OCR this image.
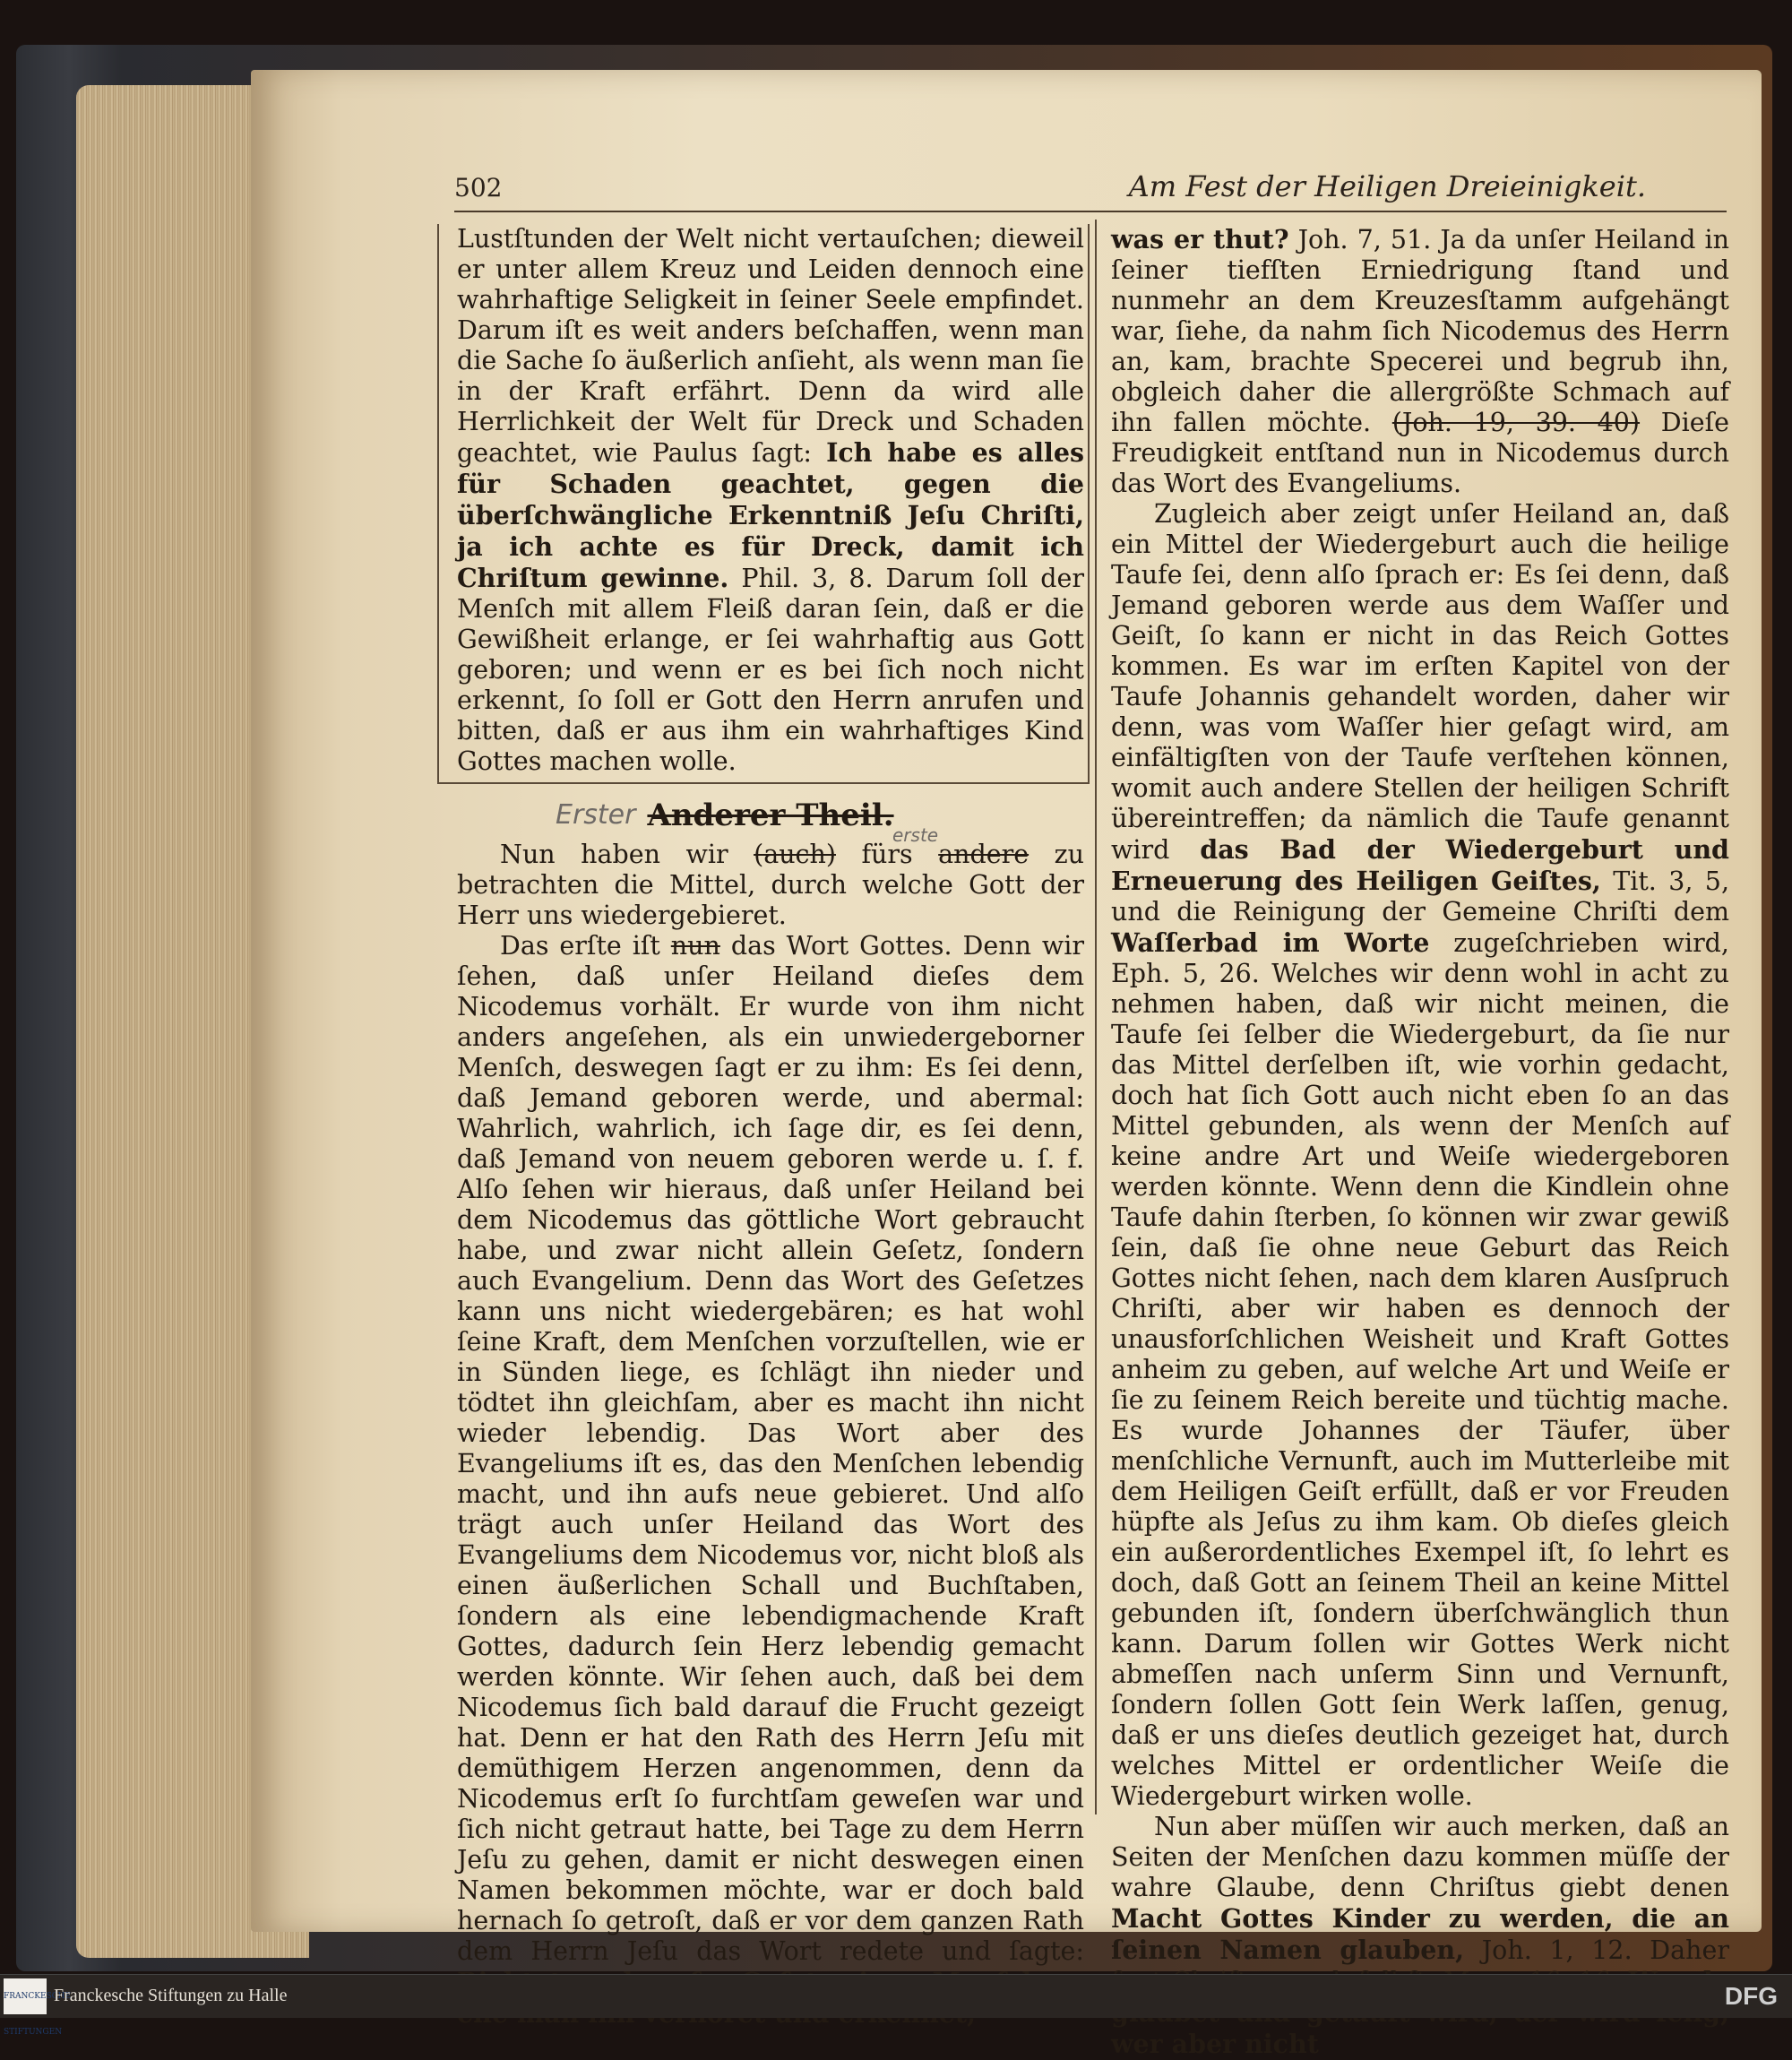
502	Am Fest der Heiligen Dreieinigkeit.

Lustſtunden der Welt nicht vertauſchen; dieweil er unter allem Kreuz und Leiden dennoch eine wahrhaftige Seligkeit in ſeiner Seele empfindet. Darum iſt es weit anders beſchaffen, wenn man die Sache ſo äußerlich anſieht, als wenn man ſie in der Kraft erfährt. Denn da wird alle Herrlichkeit der Welt für Dreck und Schaden geachtet, wie Paulus ſagt: Ich habe es alles für Schaden geachtet, gegen die überſchwängliche Erkenntniß Jeſu Chriſti, ja ich achte es für Dreck, damit ich Chriſtum gewinne. Phil. 3, 8. Darum ſoll der Menſch mit allem Fleiß daran ſein, daß er die Gewißheit erlange, er ſei wahrhaftig aus Gott geboren; und wenn er es bei ſich noch nicht erkennt, ſo ſoll er Gott den Herrn anrufen und bitten, daß er aus ihm ein wahrhaftiges Kind Gottes machen wolle.

Erster Anderer Theil.

erste
Nun haben wir (auch) fürs andere zu betrachten die Mittel, durch welche Gott der Herr uns wiedergebieret.

Das erſte iſt nun das Wort Gottes. Denn wir ſehen, daß unſer Heiland dieſes dem Nicodemus vorhält. Er wurde von ihm nicht anders angeſehen, als ein unwiedergeborner Menſch, deswegen ſagt er zu ihm: Es ſei denn, daß Jemand geboren werde, und abermal: Wahrlich, wahrlich, ich ſage dir, es ſei denn, daß Jemand von neuem geboren werde u. ſ. f. Alſo ſehen wir hieraus, daß unſer Heiland bei dem Nicodemus das göttliche Wort gebraucht habe, und zwar nicht allein Geſetz, ſondern auch Evangelium. Denn das Wort des Geſetzes kann uns nicht wiedergebären; es hat wohl ſeine Kraft, dem Menſchen vorzuſtellen, wie er in Sünden liege, es ſchlägt ihn nieder und tödtet ihn gleichſam, aber es macht ihn nicht wieder lebendig. Das Wort aber des Evangeliums iſt es, das den Menſchen lebendig macht, und ihn aufs neue gebieret. Und alſo trägt auch unſer Heiland das Wort des Evangeliums dem Nicodemus vor, nicht bloß als einen äußerlichen Schall und Buchſtaben, ſondern als eine lebendigmachende Kraft Gottes, dadurch ſein Herz lebendig gemacht werden könnte. Wir ſehen auch, daß bei dem Nicodemus ſich bald darauf die Frucht gezeigt hat. Denn er hat den Rath des Herrn Jeſu mit demüthigem Herzen angenommen, denn da Nicodemus erſt ſo furchtſam geweſen war und ſich nicht getraut hatte, bei Tage zu dem Herrn Jeſu zu gehen, damit er nicht deswegen einen Namen bekommen möchte, war er doch bald hernach ſo getroſt, daß er vor dem ganzen Rath dem Herrn Jeſu das Wort redete und ſagte:

was er thut? Joh. 7, 51. Ja da unſer Heiland in ſeiner tiefſten Erniedrigung ſtand und nunmehr an dem Kreuzesſtamm aufgehängt war, ſiehe, da nahm ſich Nicodemus des Herrn an, kam, brachte Specerei und begrub ihn, obgleich daher die allergrößte Schmach auf ihn fallen möchte. (Joh. 19, 39. 40) Dieſe Freudigkeit entſtand nun in Nicodemus durch das Wort des Evangeliums.

Zugleich aber zeigt unſer Heiland an, daß ein Mittel der Wiedergeburt auch die heilige Taufe ſei, denn alſo ſprach er: Es ſei denn, daß Jemand geboren werde aus dem Waſſer und Geiſt, ſo kann er nicht in das Reich Gottes kommen. Es war im erſten Kapitel von der Taufe Johannis gehandelt worden, daher wir denn, was vom Waſſer hier geſagt wird, am einfältigſten von der Taufe verſtehen können, womit auch andere Stellen der heiligen Schrift übereintreffen; da nämlich die Taufe genannt wird das Bad der Wiedergeburt und Erneuerung des Heiligen Geiſtes, Tit. 3, 5, und die Reinigung der Gemeine Chriſti dem Waſſerbad im Worte zugeſchrieben wird, Eph. 5, 26. Welches wir denn wohl in acht zu nehmen haben, daß wir nicht meinen, die Taufe ſei ſelber die Wiedergeburt, da ſie nur das Mittel derſelben iſt, wie vorhin gedacht, doch hat ſich Gott auch nicht eben ſo an das Mittel gebunden, als wenn der Menſch auf keine andre Art und Weiſe wiedergeboren werden könnte. Wenn denn die Kindlein ohne Taufe dahin ſterben, ſo können wir zwar gewiß ſein, daß ſie ohne neue Geburt das Reich Gottes nicht ſehen, nach dem klaren Ausſpruch Chriſti, aber wir haben es dennoch der unausforſchlichen Weisheit und Kraft Gottes anheim zu geben, auf welche Art und Weiſe er ſie zu ſeinem Reich bereite und tüchtig mache. Es wurde Johannes der Täufer, über menſchliche Vernunft, auch im Mutterleibe mit dem Heiligen Geiſt erfüllt, daß er vor Freuden hüpfte als Jeſus zu ihm kam. Ob dieſes gleich ein außerordentliches Exempel iſt, ſo lehrt es doch, daß Gott an ſeinem Theil an keine Mittel gebunden iſt, ſondern überſchwänglich thun kann. Darum ſollen wir Gottes Werk nicht abmeſſen nach unſerm Sinn und Vernunft, ſondern ſollen Gott ſein Werk laſſen, genug, daß er uns dieſes deutlich gezeiget hat, durch welches Mittel er ordentlicher Weiſe die Wiedergeburt wirken wolle.

Nun aber müſſen wir auch merken, daß an Seiten der Menſchen dazu kommen müſſe der wahre Glaube, denn Chriſtus giebt denen Macht Gottes Kinder zu werden, die an ſeinen Namen glauben, Joh. 1, 12. Daher wer aber nicht

FRANCKESCHE STIFTUNGEN
Franckesche Stiftungen zu Halle	DFG
